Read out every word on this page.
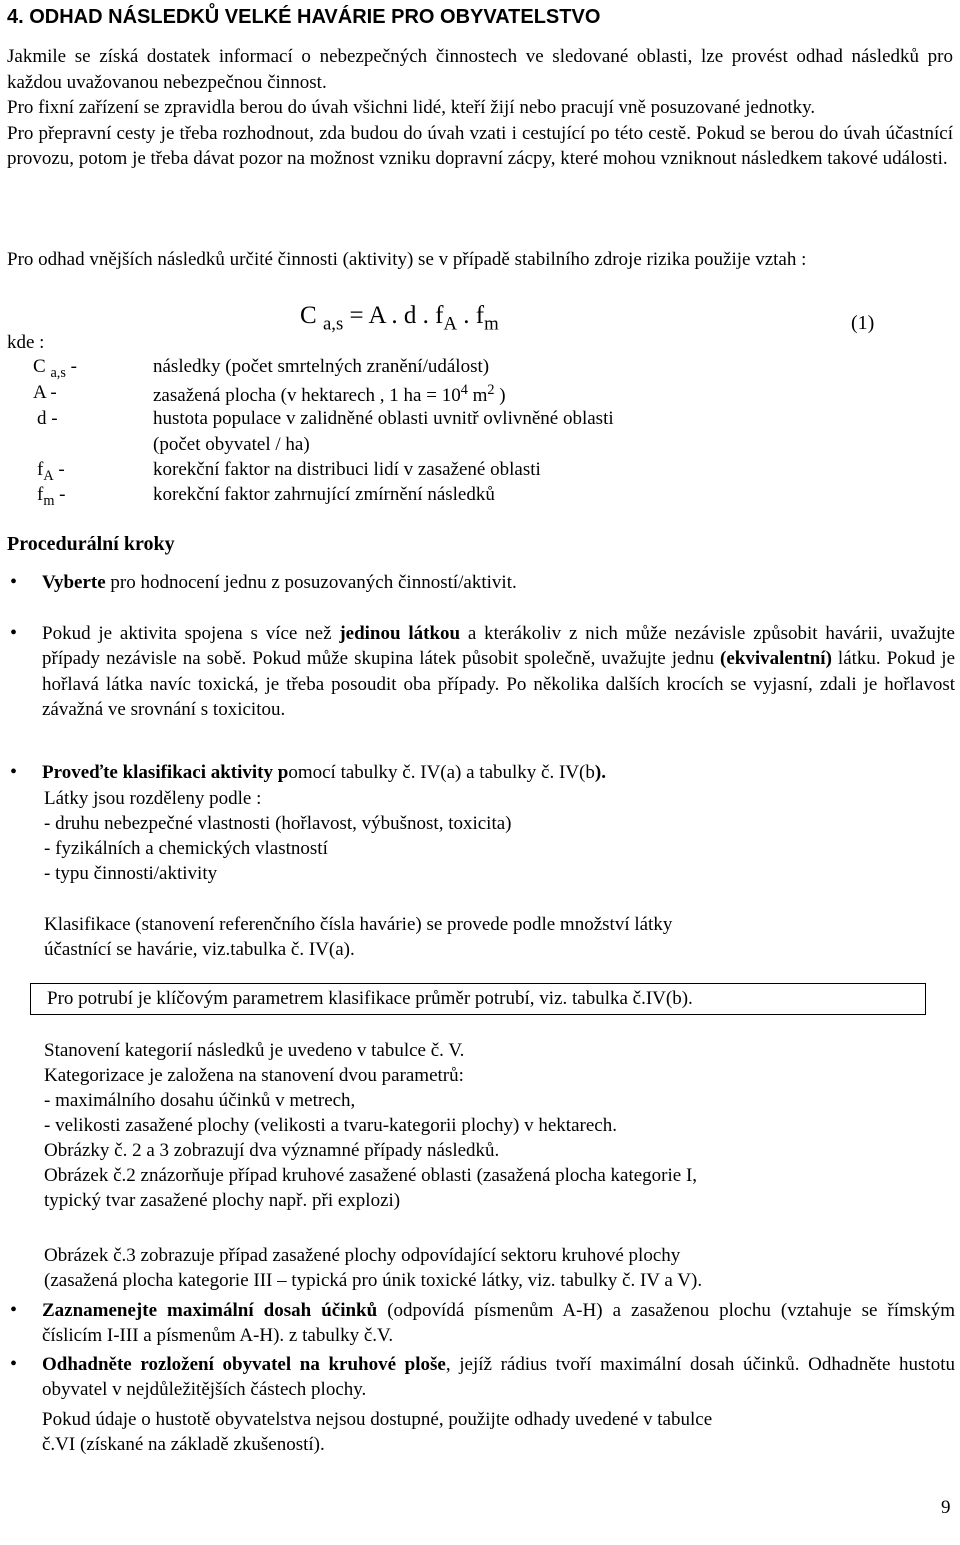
4. ODHAD NÁSLEDKŮ VELKÉ HAVÁRIE PRO OBYVATELSTVO

Jakmile se získá dostatek informací o nebezpečných činnostech ve sledované oblasti, lze provést odhad následků pro každou uvažovanou nebezpečnou činnost.

Pro fixní zařízení se zpravidla berou do úvah všichni lidé, kteří žijí nebo pracují vně posuzované jednotky.

Pro přepravní cesty je třeba rozhodnout, zda budou do úvah vzati i cestující po této cestě. Pokud se berou do úvah účastnící provozu, potom je třeba dávat pozor na možnost vzniku dopravní zácpy, které mohou vzniknout následkem takové události.

Pro odhad vnějších následků určité činnosti (aktivity) se v případě stabilního zdroje rizika použije vztah :

C $_{a,s}$ = A . d . $f_A$ . $f_m$	(1)
kde :
C $_{a,s}$ -	následky (počet smrtelných zranění/událost)
A -	zasažená plocha (v hektarech , 1 ha = $10^4$ $m^2$ )
d -	hustota populace v zalidněné oblasti uvnitř ovlivněné oblasti
(počet obyvatel / ha)
$f_A$ -	korekční faktor na distribuci lidí v zasažené oblasti
$f_m$ -	korekční faktor zahrnující zmírnění následků
Procedurální kroky
• Vyberte pro hodnocení jednu z posuzovaných činností/aktivit.

• Pokud je aktivita spojena s více než jedinou látkou a kterákoliv z nich může nezávisle způsobit havárii, uvažujte případy nezávisle na sobě. Pokud může skupina látek působit společně, uvažujte jednu (ekvivalentní) látku. Pokud je hořlavá látka navíc toxická, je třeba posoudit oba případy. Po několika dalších krocích se vyjasní, zdali je hořlavost závažná ve srovnání s toxicitou.

• Proveďte klasifikaci aktivity pomocí tabulky č. IV(a) a tabulky č. IV(b).

Látky jsou rozděleny podle :
- druhu nebezpečné vlastnosti (hořlavost, výbušnost, toxicita)
- fyzikálních a chemických vlastností
- typu činnosti/aktivity
Klasifikace (stanovení referenčního čísla havárie) se provede podle množství látky
účastnící se havárie, viz.tabulka č. IV(a).
Pro potrubí je klíčovým parametrem klasifikace průměr potrubí, viz. tabulka č.IV(b).
Stanovení kategorií následků je uvedeno v tabulce č. V.
Kategorizace je založena na stanovení dvou parametrů:
- maximálního dosahu účinků v metrech,
- velikosti zasažené plochy (velikosti a tvaru-kategorii plochy) v hektarech.
Obrázky č. 2 a 3 zobrazují dva významné případy následků.
Obrázek č.2 znázorňuje případ kruhové zasažené oblasti (zasažená plocha kategorie I,
typický tvar zasažené plochy např. při explozi)
Obrázek č.3 zobrazuje případ zasažené plochy odpovídající sektoru kruhové plochy
(zasažená plocha kategorie III – typická pro únik toxické látky, viz. tabulky č. IV a V).
• Zaznamenejte maximální dosah účinků (odpovídá písmenům A-H) a zasaženou plochu (vztahuje se římským číslicím I-III a písmenům A-H). z tabulky č.V.

• Odhadněte rozložení obyvatel na kruhové ploše, jejíž rádius tvoří maximální dosah účinků. Odhadněte hustotu obyvatel v nejdůležitějších částech plochy.

Pokud údaje o hustotě obyvatelstva nejsou dostupné, použijte odhady uvedené v tabulce
č.VI (získané na základě zkušeností).
9
